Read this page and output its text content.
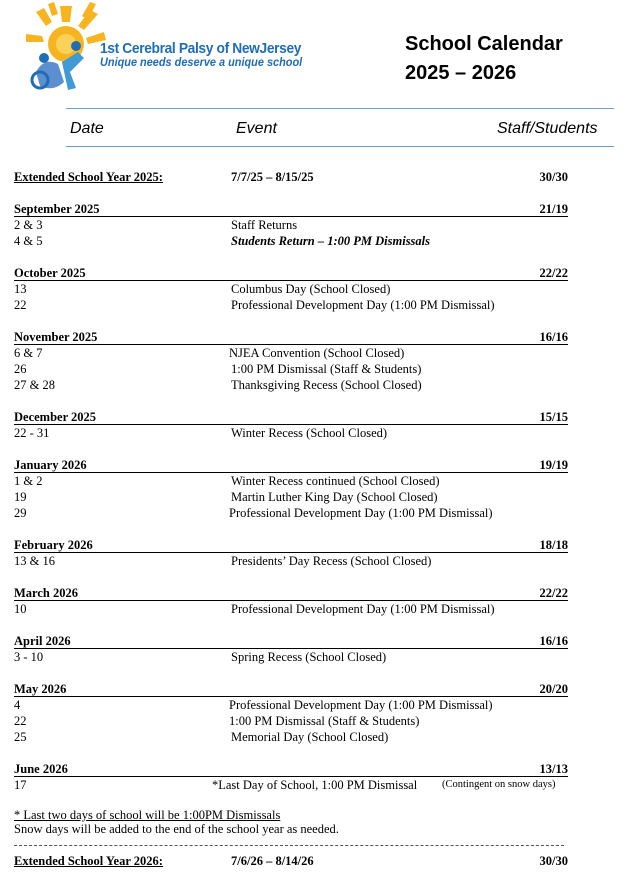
1st Cerebral Palsy of NewJersey
Unique needs deserve a unique school
School Calendar
2025 – 2026
Date	Event	Staff/Students
Extended School Year 2025:	7/7/25 – 8/15/25	30/30
September 2025	21/19
2 & 3	Staff Returns
4 & 5	Students Return – 1:00 PM Dismissals
October 2025	22/22
13	Columbus Day (School Closed)
22	Professional Development Day (1:00 PM Dismissal)
November 2025	16/16
6 & 7	NJEA Convention (School Closed)
26	1:00 PM Dismissal (Staff & Students)
27 & 28	Thanksgiving Recess (School Closed)
December 2025	15/15
22 - 31	Winter Recess (School Closed)
January 2026	19/19
1 & 2	Winter Recess continued (School Closed)
19	Martin Luther King Day (School Closed)
29	Professional Development Day (1:00 PM Dismissal)
February 2026	18/18
13 & 16	Presidents’ Day Recess (School Closed)
March 2026	22/22
10	Professional Development Day (1:00 PM Dismissal)
April 2026	16/16
3 - 10	Spring Recess (School Closed)
May 2026	20/20
4	Professional Development Day (1:00 PM Dismissal)
22	1:00 PM Dismissal (Staff & Students)
25	Memorial Day (School Closed)
June 2026	13/13
17	*Last Day of School, 1:00 PM Dismissal (Contingent on snow days)
* Last two days of school will be 1:00PM Dismissals
Snow days will be added to the end of the school year as needed.
Extended School Year 2026:	7/6/26 – 8/14/26	30/30
